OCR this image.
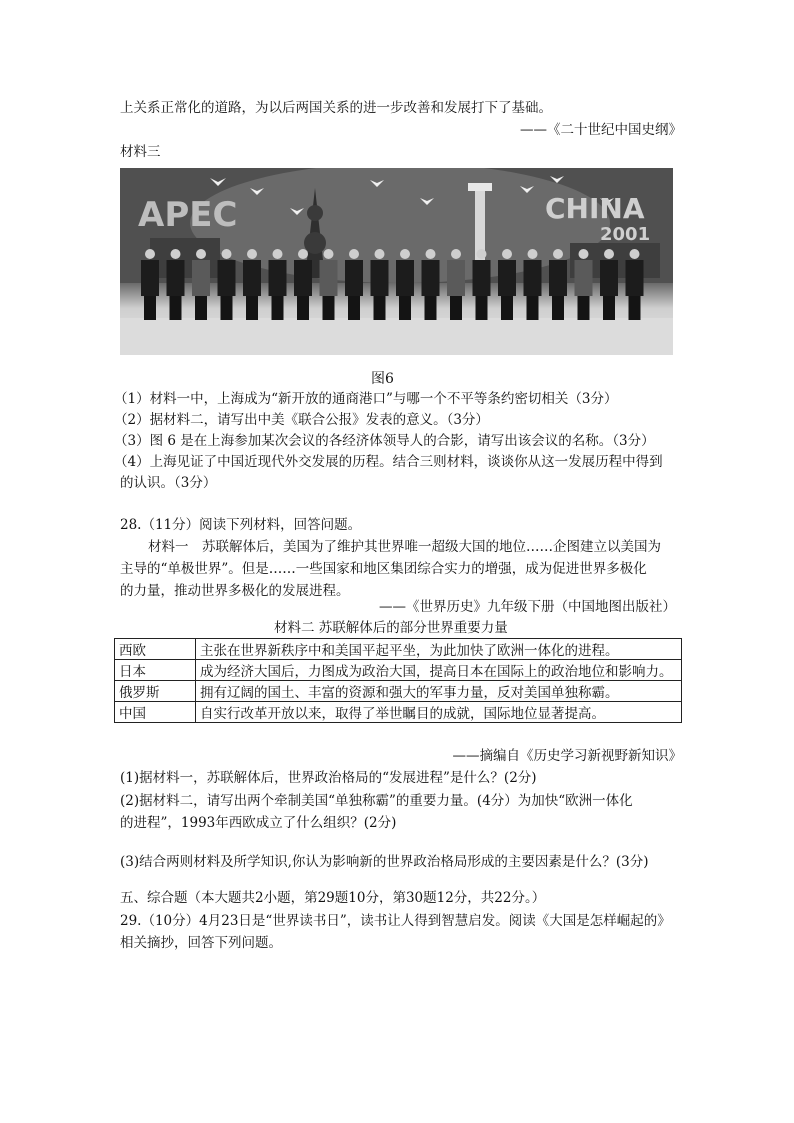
上关系正常化的道路，为以后两国关系的进一步改善和发展打下了基础。
——《二十世纪中国史纲》
材料三
APEC	CHINA
2001
图6
（1）材料一中，上海成为“新开放的通商港口”与哪一个不平等条约密切相关（3分）
（2）据材料二，请写出中美《联合公报》发表的意义。（3分）
（3）图 6 是在上海参加某次会议的各经济体领导人的合影，请写出该会议的名称。（3分）
（4）上海见证了中国近现代外交发展的历程。结合三则材料，谈谈你从这一发展历程中得到
的认识。（3分）
28.（11分）阅读下列材料，回答问题。
材料一　苏联解体后，美国为了维护其世界唯一超级大国的地位……企图建立以美国为
主导的“单极世界”。但是……一些国家和地区集团综合实力的增强，成为促进世界多极化
的力量，推动世界多极化的发展进程。
——《世界历史》九年级下册（中国地图出版社）
材料二 苏联解体后的部分世界重要力量
西欧	主张在世界新秩序中和美国平起平坐，为此加快了欧洲一体化的进程。
日本	成为经济大国后，力图成为政治大国，提高日本在国际上的政治地位和影响力。
俄罗斯	拥有辽阔的国土、丰富的资源和强大的军事力量，反对美国单独称霸。
中国	自实行改革开放以来，取得了举世瞩目的成就，国际地位显著提高。
——摘编自《历史学习新视野新知识》
(1)据材料一，苏联解体后，世界政治格局的“发展进程”是什么？(2分)
(2)据材料二，请写出两个牵制美国“单独称霸”的重要力量。(4分）为加快“欧洲一体化
的进程”，1993年西欧成立了什么组织？(2分)
(3)结合两则材料及所学知识,你认为影响新的世界政治格局形成的主要因素是什么？(3分)
五、综合题（本大题共2小题，第29题10分，第30题12分，共22分。）
29.（10分）4月23日是“世界读书日”，读书让人得到智慧启发。阅读《大国是怎样崛起的》
相关摘抄，回答下列问题。
